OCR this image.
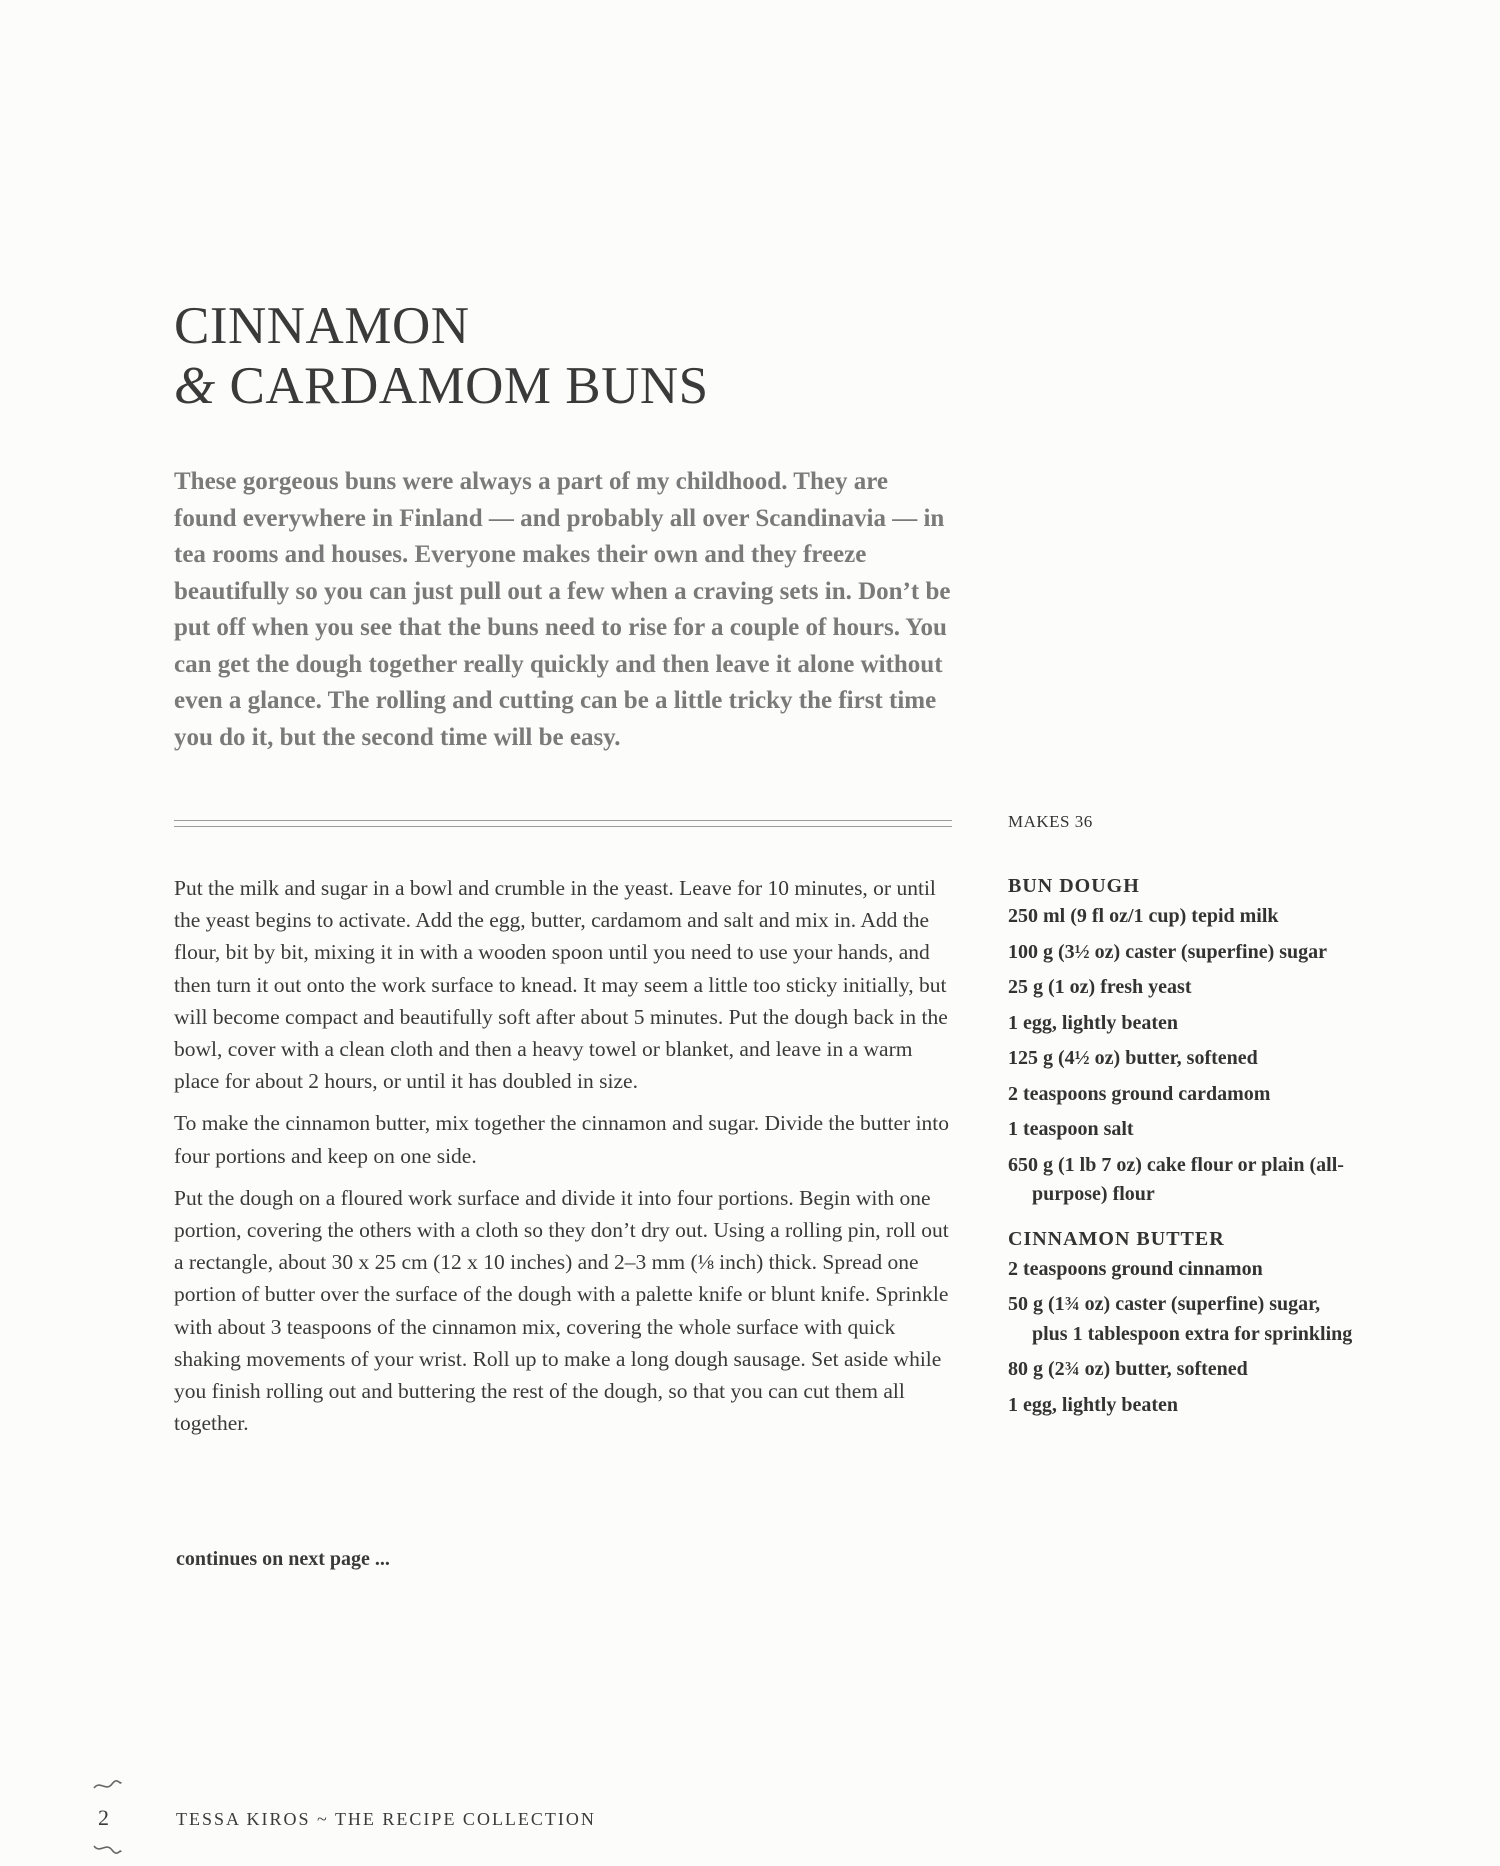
CINNAMON
& CARDAMOM BUNS

These gorgeous buns were always a part of my childhood. They are found everywhere in Finland — and probably all over Scandinavia — in tea rooms and houses. Everyone makes their own and they freeze beautifully so you can just pull out a few when a craving sets in. Don’t be put off when you see that the buns need to rise for a couple of hours. You can get the dough together really quickly and then leave it alone without even a glance. The rolling and cutting can be a little tricky the first time you do it, but the second time will be easy.

Put the milk and sugar in a bowl and crumble in the yeast. Leave for 10 minutes, or until the yeast begins to activate. Add the egg, butter, cardamom and salt and mix in. Add the flour, bit by bit, mixing it in with a wooden spoon until you need to use your hands, and then turn it out onto the work surface to knead. It may seem a little too sticky initially, but will become compact and beautifully soft after about 5 minutes. Put the dough back in the bowl, cover with a clean cloth and then a heavy towel or blanket, and leave in a warm place for about 2 hours, or until it has doubled in size.

To make the cinnamon butter, mix together the cinnamon and sugar. Divide the butter into four portions and keep on one side.

Put the dough on a floured work surface and divide it into four portions. Begin with one portion, covering the others with a cloth so they don’t dry out. Using a rolling pin, roll out a rectangle, about 30 x 25 cm (12 x 10 inches) and 2–3 mm (⅛ inch) thick. Spread one portion of butter over the surface of the dough with a palette knife or blunt knife. Sprinkle with about 3 teaspoons of the cinnamon mix, covering the whole surface with quick shaking movements of your wrist. Roll up to make a long dough sausage. Set aside while you finish rolling out and buttering the rest of the dough, so that you can cut them all together.

continues on next page ...
MAKES 36
BUN DOUGH
250 ml (9 fl oz/1 cup) tepid milk
100 g (3½ oz) caster (superfine) sugar
25 g (1 oz) fresh yeast
1 egg, lightly beaten
125 g (4½ oz) butter, softened
2 teaspoons ground cardamom
1 teaspoon salt
650 g (1 lb 7 oz) cake flour or plain (all-purpose) flour
CINNAMON BUTTER
2 teaspoons ground cinnamon
50 g (1¾ oz) caster (superfine) sugar, plus 1 tablespoon extra for sprinkling
80 g (2¾ oz) butter, softened
1 egg, lightly beaten
2	TESSA KIROS ~ THE RECIPE COLLECTION
